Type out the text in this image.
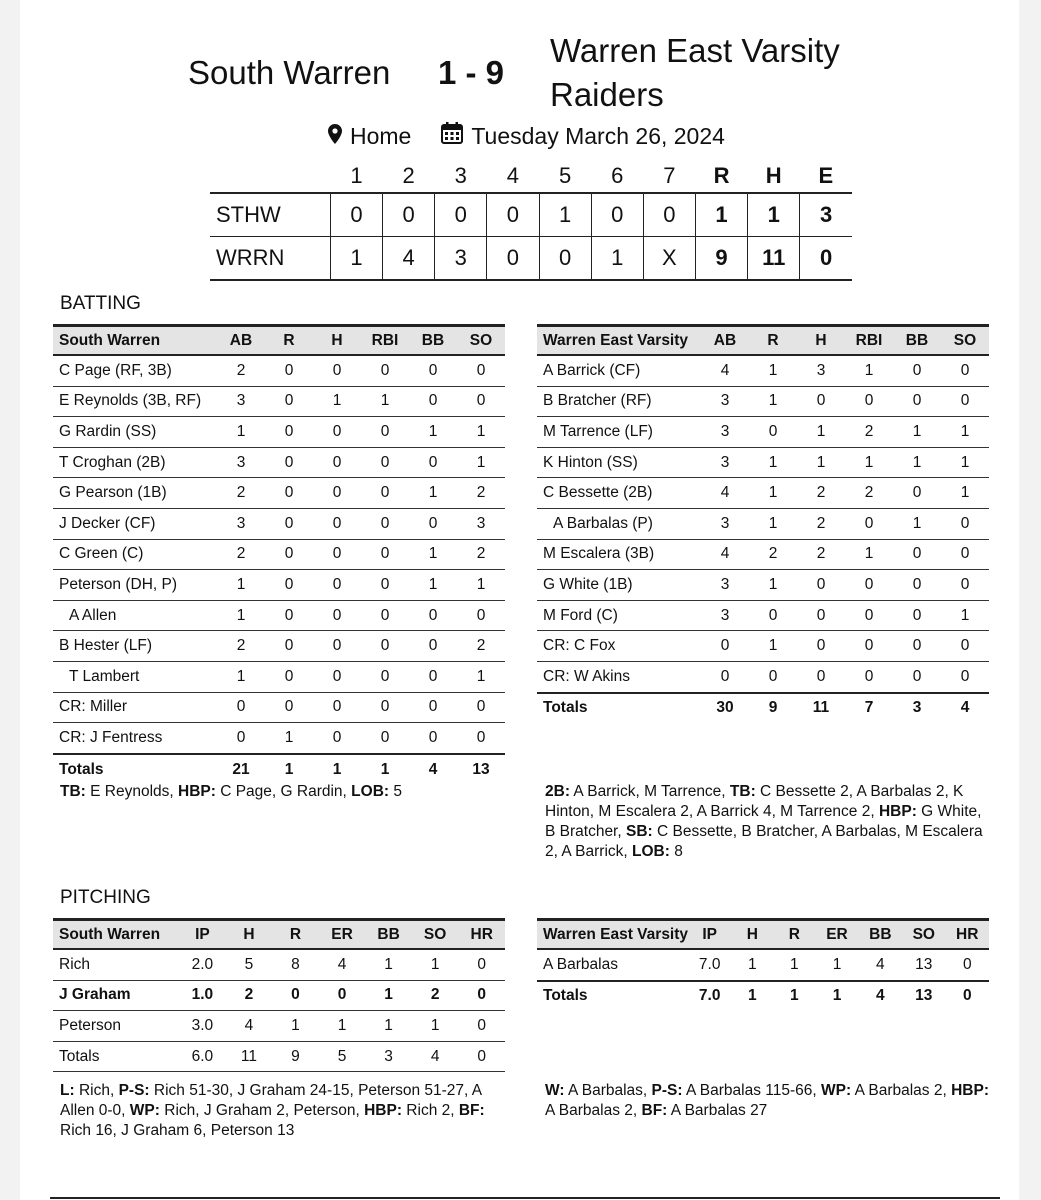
South Warren 1 - 9
Warren East Varsity
Raiders
Home	Tuesday March 26, 2024
	1	2	3	4	5	6	7	R	H	E
STHW	0	0	0	0	1	0	0	1	1	3
WRRN	1	4	3	0	0	1	X	9	11	0
BATTING
South Warren	AB	R	H	RBI	BB	SO
C Page (RF, 3B)	2	0	0	0	0	0
E Reynolds (3B, RF)	3	0	1	1	0	0
G Rardin (SS)	1	0	0	0	1	1
T Croghan (2B)	3	0	0	0	0	1
G Pearson (1B)	2	0	0	0	1	2
J Decker (CF)	3	0	0	0	0	3
C Green (C)	2	0	0	0	1	2
Peterson (DH, P)	1	0	0	0	1	1
A Allen	1	0	0	0	0	0
B Hester (LF)	2	0	0	0	0	2
T Lambert	1	0	0	0	0	1
CR: Miller	0	0	0	0	0	0
CR: J Fentress	0	1	0	0	0	0
Totals	21	1	1	1	4	13
Warren East Varsity	AB	R	H	RBI	BB	SO
A Barrick (CF)	4	1	3	1	0	0
B Bratcher (RF)	3	1	0	0	0	0
M Tarrence (LF)	3	0	1	2	1	1
K Hinton (SS)	3	1	1	1	1	1
C Bessette (2B)	4	1	2	2	0	1
A Barbalas (P)	3	1	2	0	1	0
M Escalera (3B)	4	2	2	1	0	0
G White (1B)	3	1	0	0	0	0
M Ford (C)	3	0	0	0	0	1
CR: C Fox	0	1	0	0	0	0
CR: W Akins	0	0	0	0	0	0
Totals	30	9	11	7	3	4
TB: E Reynolds, HBP: C Page, G Rardin, LOB: 5	2B: A Barrick, M Tarrence, TB: C Bessette 2, A Barbalas 2, K Hinton, M Escalera 2, A Barrick 4, M Tarrence 2, HBP: G White, B Bratcher, SB: C Bessette, B Bratcher, A Barbalas, M Escalera 2, A Barrick, LOB: 8
PITCHING
South Warren	IP	H	R	ER	BB	SO	HR
Rich	2.0	5	8	4	1	1	0
J Graham	1.0	2	0	0	1	2	0
Peterson	3.0	4	1	1	1	1	0
Totals	6.0	11	9	5	3	4	0
Warren East Varsity	IP	H	R	ER	BB	SO	HR
A Barbalas	7.0	1	1	1	4	13	0
Totals	7.0	1	1	1	4	13	0
L: Rich, P-S: Rich 51-30, J Graham 24-15, Peterson 51-27, A Allen 0-0, WP: Rich, J Graham 2, Peterson, HBP: Rich 2, BF: Rich 16, J Graham 6, Peterson 13
W: A Barbalas, P-S: A Barbalas 115-66, WP: A Barbalas 2, HBP: A Barbalas 2, BF: A Barbalas 27
